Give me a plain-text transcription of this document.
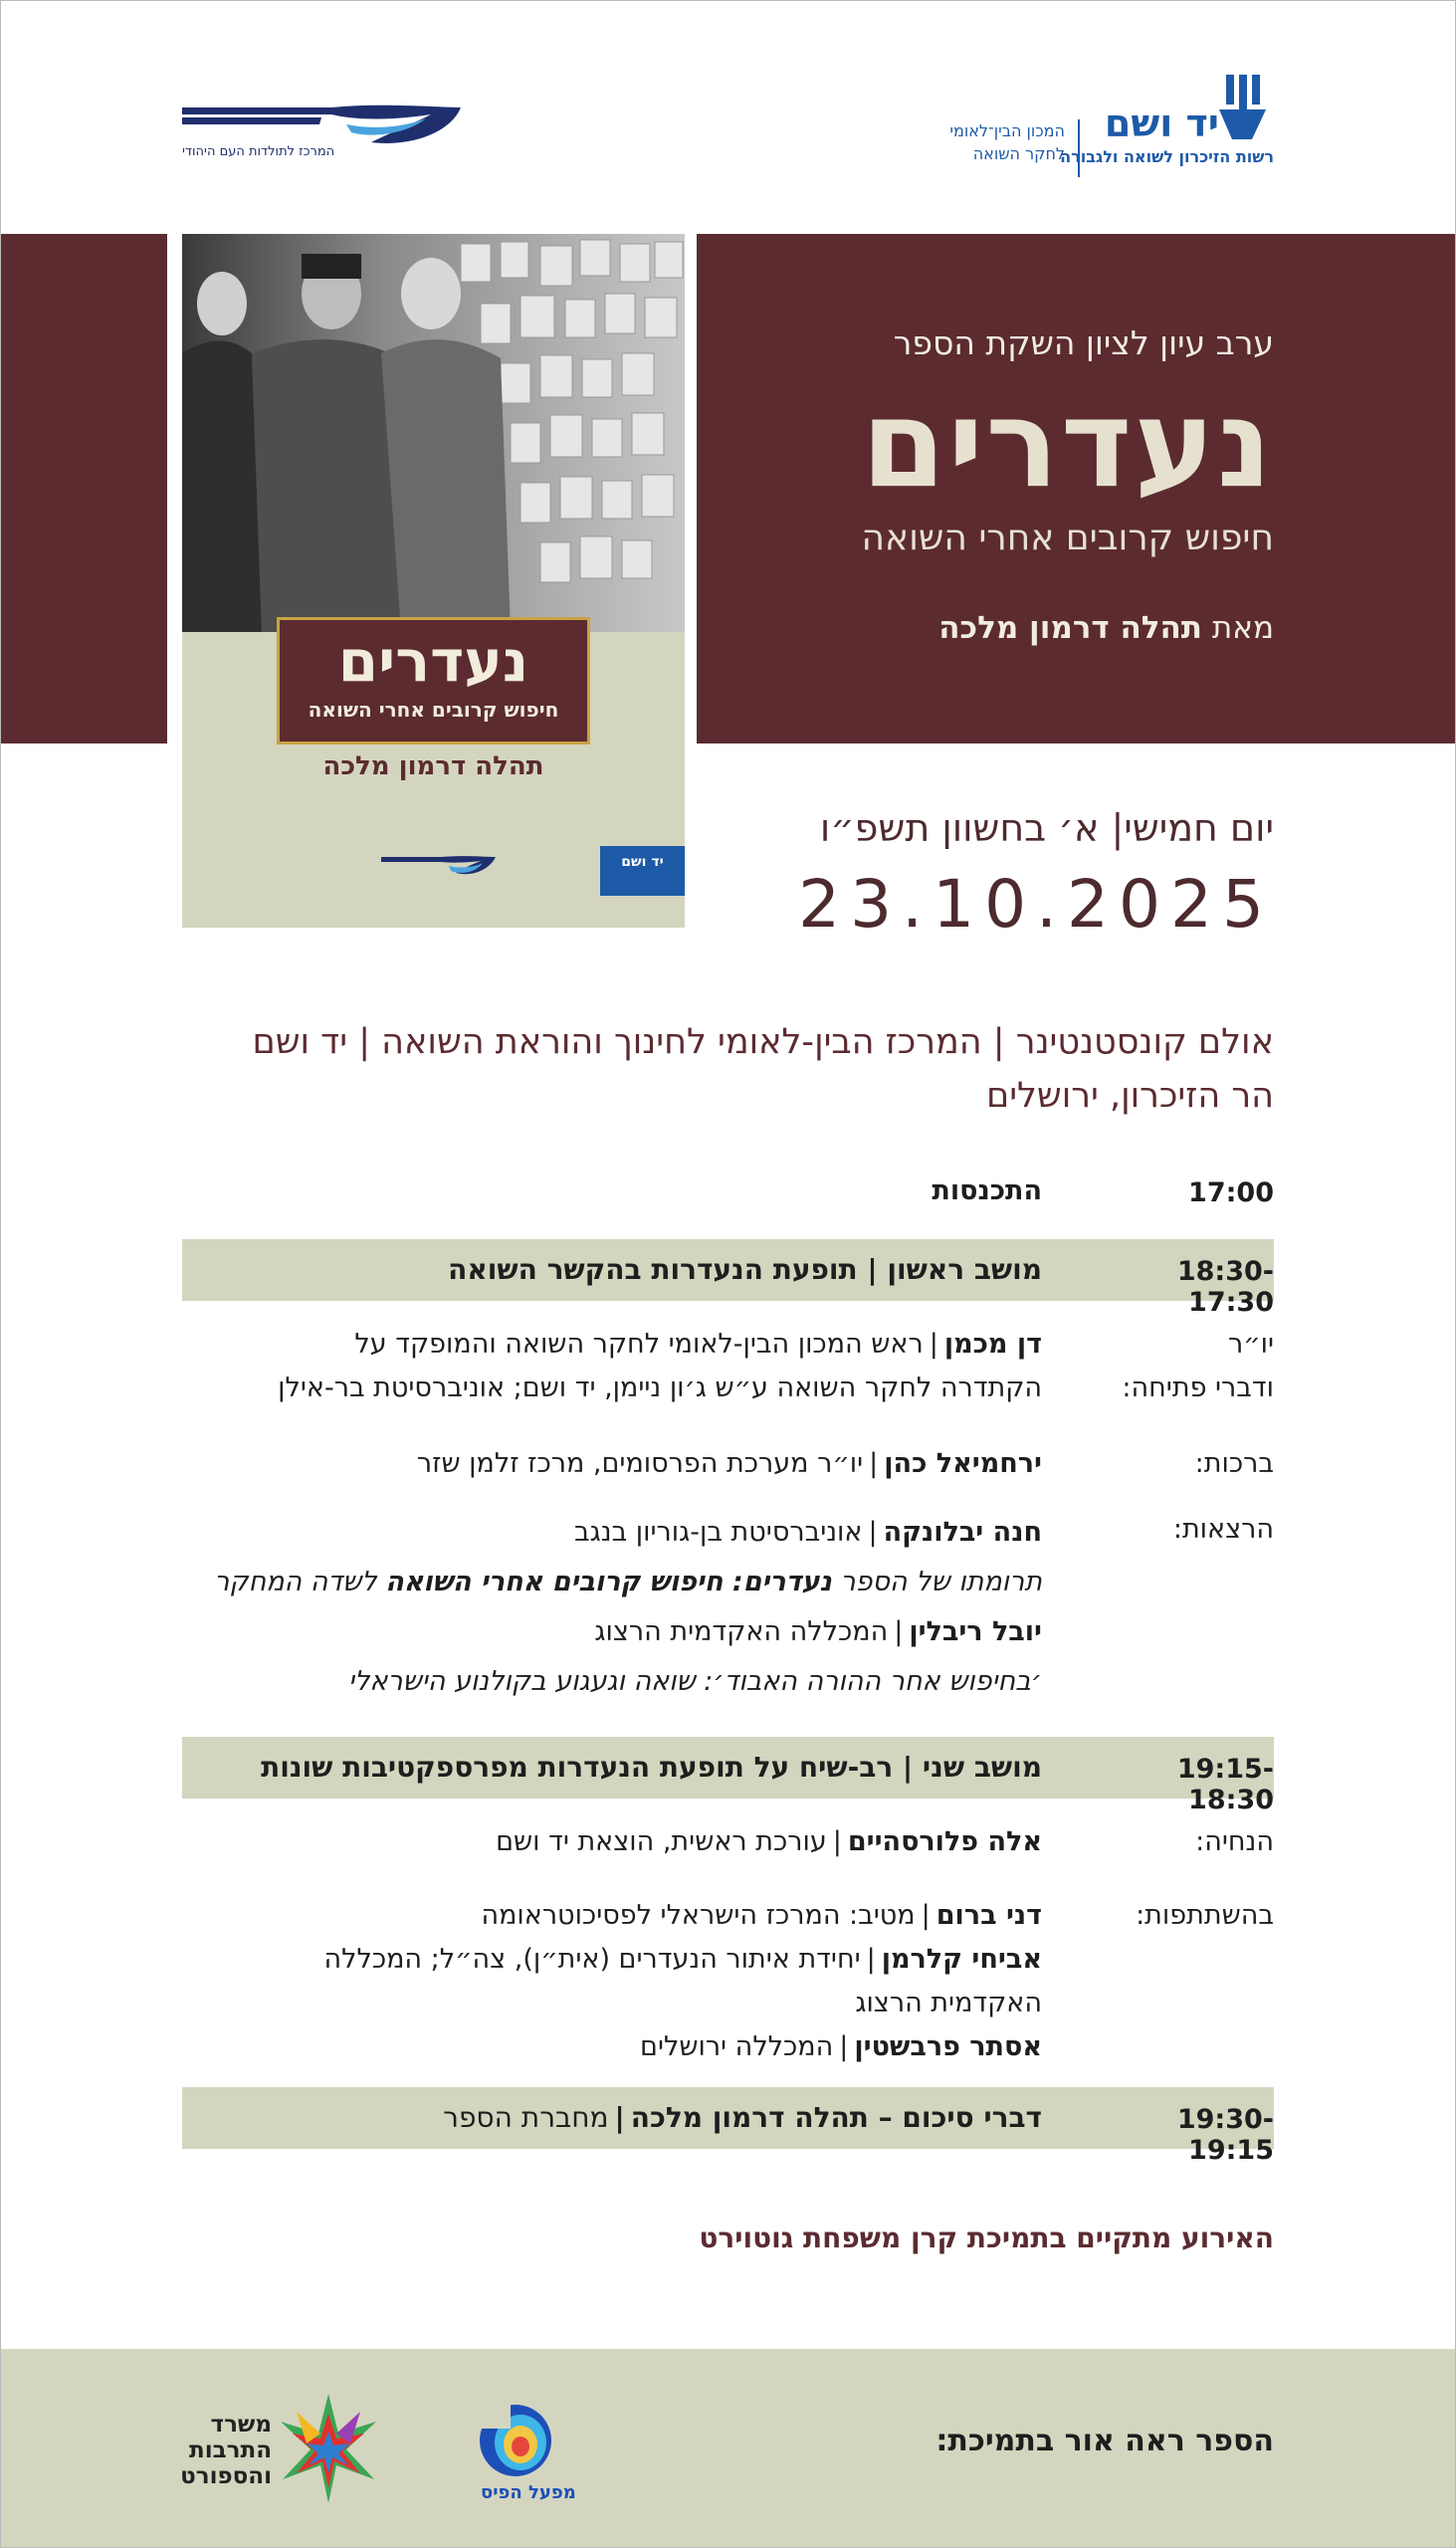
יד ושם
רשות הזיכרון לשואה ולגבורה
המכון הבין־לאומי
לחקר השואה
המרכז לתולדות העם היהודי
ערב עיון לציון השקת הספר
נעדרים
חיפוש קרובים אחרי השואה
מאת תהלה דרמון מלכה
נעדרים
חיפוש קרובים אחרי השואה
תהלה דרמון מלכה
יד ושם
יום חמישי| א׳ בחשוון תשפ״ו
23.10.2025
אולם קונסטנטינר | המרכז הבין-לאומי לחינוך והוראת השואה | יד ושם
הר הזיכרון, ירושלים
17:00
התכנסות
18:30-17:30
מושב ראשון | תופעת הנעדרות בהקשר השואה
יו״ר
ודברי פתיחה:
דן מכמן|ראש המכון הבין-לאומי לחקר השואה והמופקד על
הקתדרה לחקר השואה ע״ש ג׳ון ניימן, יד ושם; אוניברסיטת בר-אילן
ברכות:
ירחמיאל כהן|יו״ר מערכת הפרסומים, מרכז זלמן שזר
הרצאות:
חנה יבלונקה|אוניברסיטת בן-גוריון בנגב
תרומתו של הספר נעדרים: חיפוש קרובים אחרי השואה לשדה המחקר
יובל ריבלין|המכללה האקדמית הרצוג
׳בחיפוש אחר ההורה האבוד׳: שואה וגעגוע בקולנוע הישראלי
19:15-18:30
מושב שני | רב-שיח על תופעת הנעדרות מפרספקטיבות שונות
הנחיה:
אלה פלורסהיים|עורכת ראשית, הוצאת יד ושם
בהשתתפות:
דני ברום|מטיב: המרכז הישראלי לפסיכוטראומה
אביחי קלרמן|יחידת איתור הנעדרים (אית״ן), צה״ל; המכללה
האקדמית הרצוג
אסתר פרבשטין|המכללה ירושלים
19:30-19:15
דברי סיכום – תהלה דרמון מלכה|מחברת הספר
האירוע מתקיים בתמיכת קרן משפחת גוטוירט
הספר ראה אור בתמיכת:
מפעל הפיס
משרד
התרבות
והספורט
